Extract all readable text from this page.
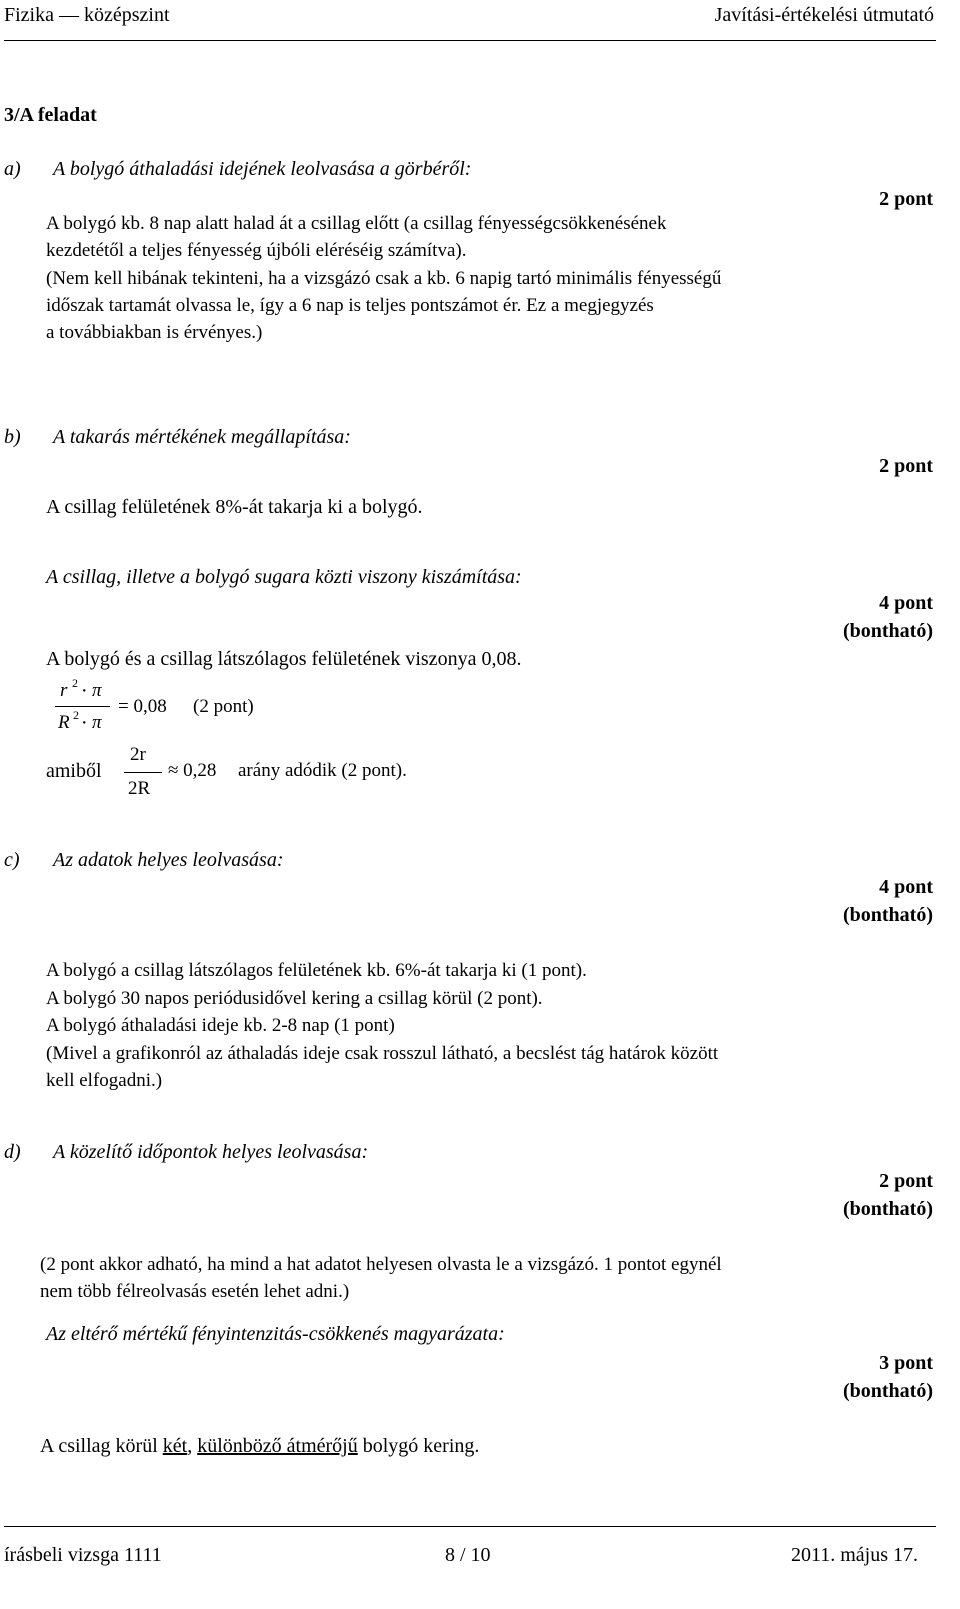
Fizika — középszint	Javítási-értékelési útmutató
3/A feladat
a) A bolygó áthaladási idejének leolvasása a görbéről:
2 pont
A bolygó kb. 8 nap alatt halad át a csillag előtt (a csillag fényességcsökkenésének
kezdetétől a teljes fényesség újbóli eléréséig számítva).
(Nem kell hibának tekinteni, ha a vizsgázó csak a kb. 6 napig tartó minimális fényességű
időszak tartamát olvassa le, így a 6 nap is teljes pontszámot ér. Ez a megjegyzés
a továbbiakban is érvényes.)
b) A takarás mértékének megállapítása:
2 pont
A csillag felületének 8%-át takarja ki a bolygó.
A csillag, illetve a bolygó sugara közti viszony kiszámítása:
4 pont
(bontható)
A bolygó és a csillag látszólagos felületének viszonya 0,08.
r 2 ⋅ π
R 2 ⋅ π
= 0,08 (2 pont)
amiből
2r
2R
≈ 0,28 arány adódik (2 pont).
c) Az adatok helyes leolvasása:
4 pont
(bontható)
A bolygó a csillag látszólagos felületének kb. 6%-át takarja ki (1 pont).
A bolygó 30 napos periódusidővel kering a csillag körül (2 pont).
A bolygó áthaladási ideje kb. 2-8 nap (1 pont)
(Mivel a grafikonról az áthaladás ideje csak rosszul látható, a becslést tág határok között
kell elfogadni.)
d) A közelítő időpontok helyes leolvasása:
2 pont
(bontható)
(2 pont akkor adható, ha mind a hat adatot helyesen olvasta le a vizsgázó. 1 pontot egynél
nem több félreolvasás esetén lehet adni.)
Az eltérő mértékű fényintenzitás-csökkenés magyarázata:
3 pont
(bontható)
A csillag körül két, különböző átmérőjű bolygó kering.
írásbeli vizsga 1111	8 / 10	2011. május 17.
